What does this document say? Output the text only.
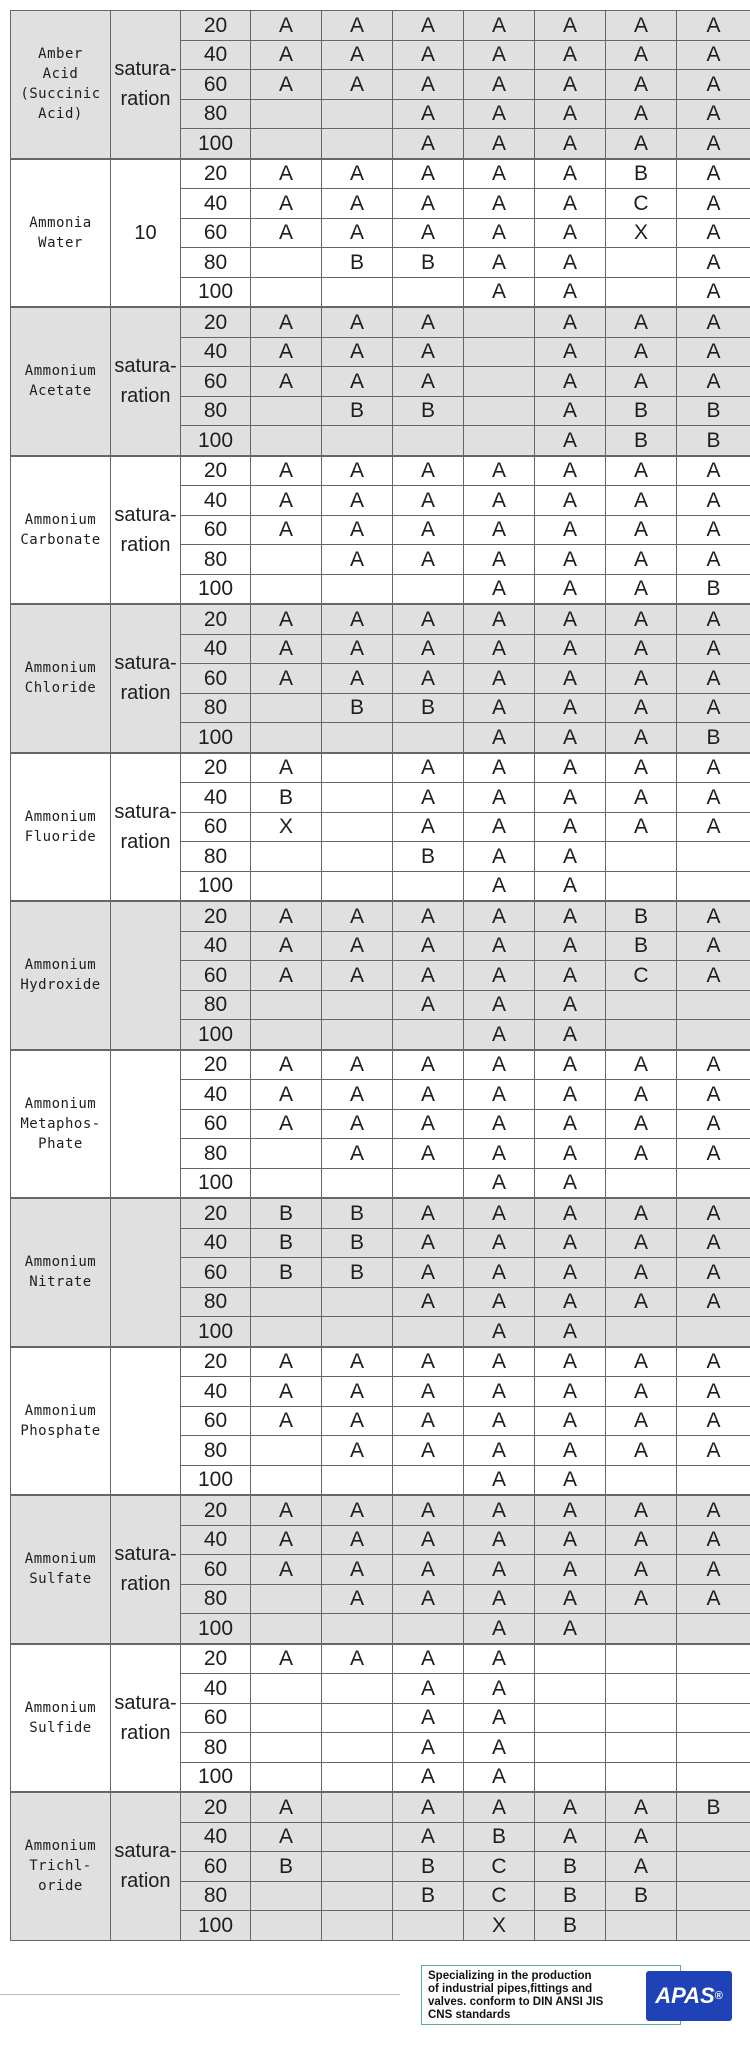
Amber
Acid
(Succinic
Acid)	satura-
ration	20	A	A	A	A	A	A	A
		40	A	A	A	A	A	A	A
		60	A	A	A	A	A	A	A
		80			A	A	A	A	A
		100			A	A	A	A	A
Ammonia
Water	10	20	A	A	A	A	A	B	A
		40	A	A	A	A	A	C	A
		60	A	A	A	A	A	X	A
		80		B	B	A	A		A
		100				A	A		A
Ammonium
Acetate	satura-
ration	20	A	A	A		A	A	A
		40	A	A	A		A	A	A
		60	A	A	A		A	A	A
		80		B	B		A	B	B
		100					A	B	B
Ammonium
Carbonate	satura-
ration	20	A	A	A	A	A	A	A
		40	A	A	A	A	A	A	A
		60	A	A	A	A	A	A	A
		80		A	A	A	A	A	A
		100				A	A	A	B
Ammonium
Chloride	satura-
ration	20	A	A	A	A	A	A	A
		40	A	A	A	A	A	A	A
		60	A	A	A	A	A	A	A
		80		B	B	A	A	A	A
		100				A	A	A	B
Ammonium
Fluoride	satura-
ration	20	A		A	A	A	A	A
		40	B		A	A	A	A	A
		60	X		A	A	A	A	A
		80			B	A	A		
		100				A	A		
Ammonium
Hydroxide		20	A	A	A	A	A	B	A
		40	A	A	A	A	A	B	A
		60	A	A	A	A	A	C	A
		80			A	A	A		
		100				A	A		
Ammonium
Metaphos-
Phate		20	A	A	A	A	A	A	A
		40	A	A	A	A	A	A	A
		60	A	A	A	A	A	A	A
		80		A	A	A	A	A	A
		100				A	A		
Ammonium
Nitrate		20	B	B	A	A	A	A	A
		40	B	B	A	A	A	A	A
		60	B	B	A	A	A	A	A
		80			A	A	A	A	A
		100				A	A		
Ammonium
Phosphate		20	A	A	A	A	A	A	A
		40	A	A	A	A	A	A	A
		60	A	A	A	A	A	A	A
		80		A	A	A	A	A	A
		100				A	A		
Ammonium
Sulfate	satura-
ration	20	A	A	A	A	A	A	A
		40	A	A	A	A	A	A	A
		60	A	A	A	A	A	A	A
		80		A	A	A	A	A	A
		100				A	A		
Ammonium
Sulfide	satura-
ration	20	A	A	A	A			
		40			A	A			
		60			A	A			
		80			A	A			
		100			A	A			
Ammonium
Trichl-
oride	satura-
ration	20	A		A	A	A	A	B
		40	A		A	B	A	A	
		60	B		B	C	B	A	
		80			B	C	B	B	
		100				X	B		
Specializing in the production
of industrial pipes,fittings and
valves. conform to DIN ANSI JIS
CNS standards
APAS ®
